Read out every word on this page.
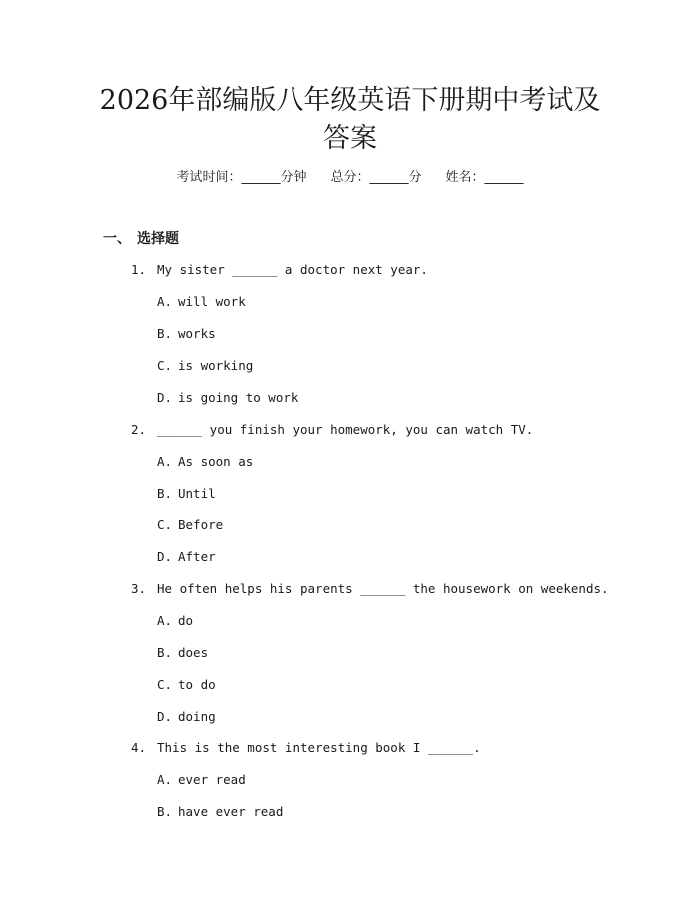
2026年部编版八年级英语下册期中考试及答案
考试时间：______分钟 总分：______分 姓名：______
一、 选择题
1. My sister ______ a doctor next year.
A. will work
B. works
C. is working
D. is going to work
2. ______ you finish your homework, you can watch TV.
A. As soon as
B. Until
C. Before
D. After
3. He often helps his parents ______ the housework on weekends.
A. do
B. does
C. to do
D. doing
4. This is the most interesting book I ______.
A. ever read
B. have ever read
